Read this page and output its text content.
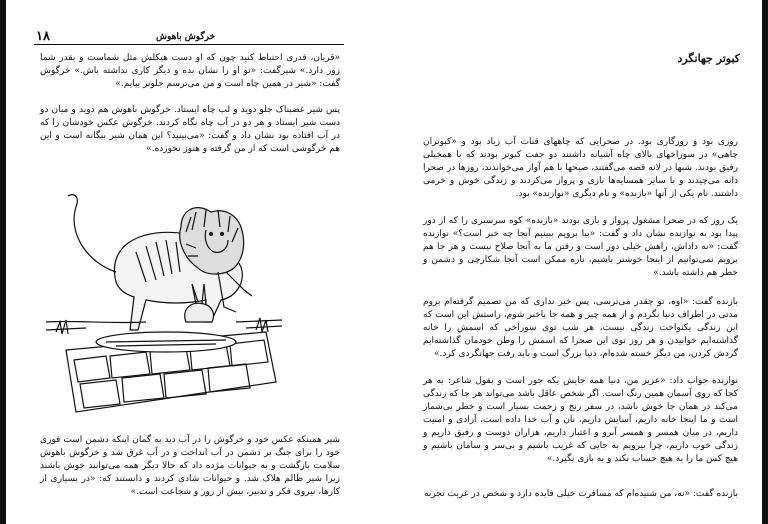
۱۸	خرگوش باهوش
«قربان، قدری احتیاط کنید چون که او دست هیکلش مثل شماست و بقدر شما زور دارد.» شیرگفت: «تو او را نشان بده و دیگر کاری نداشته باش.» خرگوش گفت: «شیر در همین چاه است و من می‌ترسم جلوتر بیایم.»
پس شیر غضبناک جلو دوید و لب چاه ایستاد. خرگوش باهوش هم دوید و میان دو دست شیر ایستاد و هر دو در آب چاه نگاه کردند. خرگوش عکس خودشان را که در آب افتاده بود نشان داد و گفت: «می‌بینید؟ این همان شیر بیگانه است و این هم خرگوشی است که از من گرفته و هنوز نخورده.»
شیر همینکه عکس خود و خرگوش را در آب دید به گمان اینکه دشمن است فوری خود را برای جنگ بر دشمن در آب انداخت و در آب غرق شد و خرگوش باهوش سلامت بازگشت و به حیوانات مژده داد که حالا دیگر همه می‌توانند خوش باشند زیرا شیر ظالم هلاک شد. و حیوانات شادی کردند و دانستند که: «در بسیاری از کارها، نیروی فکر و تدبیر، بیش از زور و شجاعت است.»
کبوتر جهانگرد
روزی بود و روزگاری بود. در صحرایی که چاههای قنات آب زیاد بود و «کبوتران چاهی» در سوراخهای بالای چاه آشیانه داشتند دو جفت کبوتر بودند که با همخیلی رفیق بودند. شبها در لانه قصه می‌گفتند، صبحها با هم آواز می‌خواندند، روزها در صحرا دانه می‌چیدند و با سایر همسایه‌ها بازی و پرواز می‌کردند و زندگی خوش و خرمی داشتند. نام یکی از آنها «بازنده» و نام دیگری «نوازنده» بود.
یک روز که در صحرا مشغول پرواز و بازی بودند «بازنده» کوه سرسبزی را که از دور پیدا بود به نوازنده نشان داد و گفت: «بیا برویم ببینیم آنجا چه خبر است؟» نوازنده گفت: «نه داداش، راهش خیلی دور است و رفتن ما به آنجا صلاح نیست و هر جا هم برویم نمی‌توانیم از اینجا خوشتر باشیم، نازه ممکن است آنجا شکارچی و دشمن و خطر هم داشته باشد.»
بازنده گفت: «اوه، تو چقدر می‌ترسی، پس خبر نداری که من تصمیم گرفته‌ام بروم مدتی در اطراف دنیا بگردم و از همه چیز و همه جا باخبر شوم، راستش این است که این زندگی یکنواخت زندگی نیست، هر شب توی سوراخی که اسمش را خانه گذاشته‌ایم خوابیدن و هر روز توی این صحرا که اسمش را وطن خودمان گذاشته‌ایم گردش کردن، من دیگر خسته شده‌ام، دنیا بزرگ است و باید رفت جهانگردی کرد.»
نوازنده جواب داد: «عزیز من، دنیا همه جایش یکه جور است و بقول شاعر: به هر کجا که روی آسمان همین رنگ است. اگر شخص عاقل باشد می‌تواند هر جا که زندگی می‌کند در همان جا خوش باشد، در سفر رنج و زحمت بسیار است و خطر بی‌شمار است و ما اینجا خانه داریم، آسایش داریم، نان و آب خدا داده است، آزادی و امنیت داریم، در میان همسر و همسر آبرو و اعتبار داریم، هزاران دوست و رفیق داریم و زندگی خوب داریم، چرا بیرویم به جایی که غریب باشیم و بی‌سر و سامان باشیم و هیچ کس ما را به هیچ حساب نکند و به بازی نگیرد.»
بازنده گفت: «نه، من شنیده‌ام که مسافرت خیلی فایده دارد و شخص در غربت تجربه
